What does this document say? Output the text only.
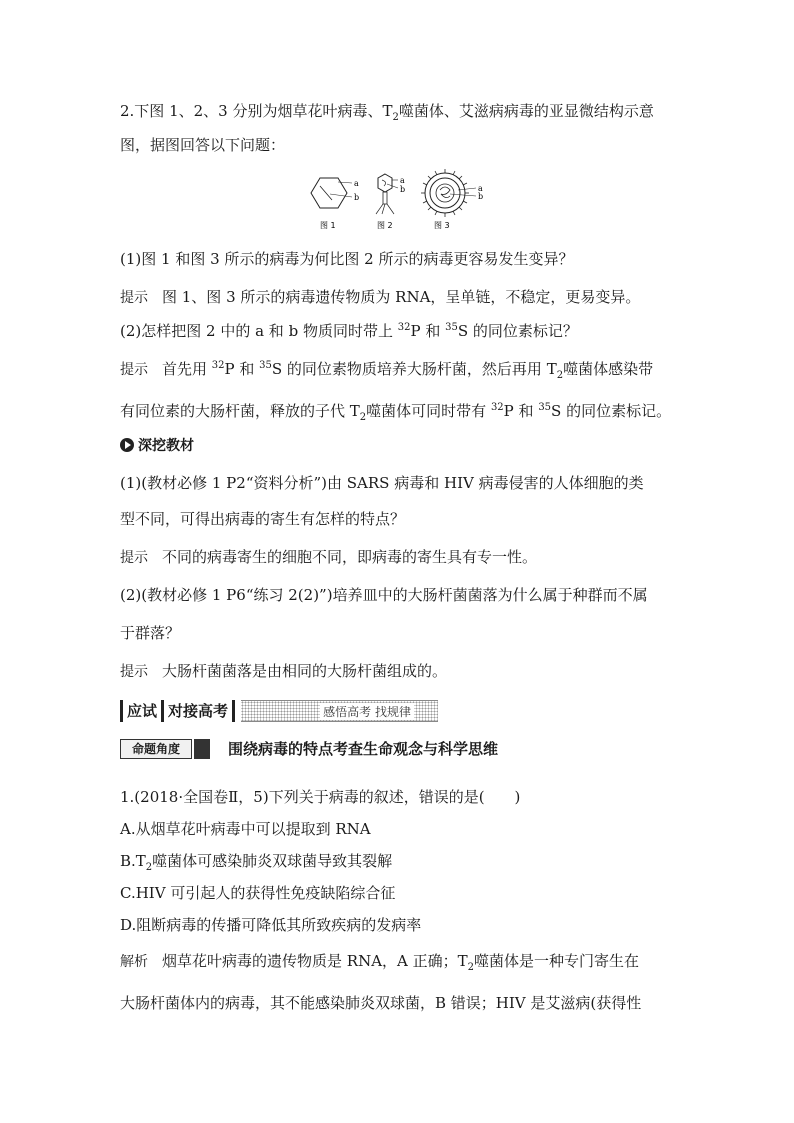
2.下图 1、2、3 分别为烟草花叶病毒、$T_2$噬菌体、艾滋病病毒的亚显微结构示意
图，据图回答以下问题：
a
b
图 1
a
b
图 2
a
b
图 3
(1)图 1 和图 3 所示的病毒为何比图 2 所示的病毒更容易发生变异？
提示 图 1、图 3 所示的病毒遗传物质为 RNA，呈单链，不稳定，更易变异。
(2)怎样把图 2 中的 a 和 b 物质同时带上 $^{32}$P 和 $^{35}$S 的同位素标记？
提示 首先用 $^{32}$P 和 $^{35}$S 的同位素物质培养大肠杆菌，然后再用 $T_2$噬菌体感染带
有同位素的大肠杆菌，释放的子代 $T_2$噬菌体可同时带有 $^{32}$P 和 $^{35}$S 的同位素标记。
深挖教材
(1)(教材必修 1 P2“资料分析”)由 SARS 病毒和 HIV 病毒侵害的人体细胞的类
型不同，可得出病毒的寄生有怎样的特点？
提示 不同的病毒寄生的细胞不同，即病毒的寄生具有专一性。
(2)(教材必修 1 P6“练习 2(2)”)培养皿中的大肠杆菌菌落为什么属于种群而不属
于群落？
提示 大肠杆菌菌落是由相同的大肠杆菌组成的。
应试 对接高考	感悟高考 找规律
命题角度	围绕病毒的特点考查生命观念与科学思维
1.(2018·全国卷Ⅱ，5)下列关于病毒的叙述，错误的是(　　)
A.从烟草花叶病毒中可以提取到 RNA
$B.T_2$噬菌体可感染肺炎双球菌导致其裂解
C.HIV 可引起人的获得性免疫缺陷综合征
D.阻断病毒的传播可降低其所致疾病的发病率
解析 烟草花叶病毒的遗传物质是 RNA，A 正确；$T_2$噬菌体是一种专门寄生在
大肠杆菌体内的病毒，其不能感染肺炎双球菌，B 错误；HIV 是艾滋病(获得性
